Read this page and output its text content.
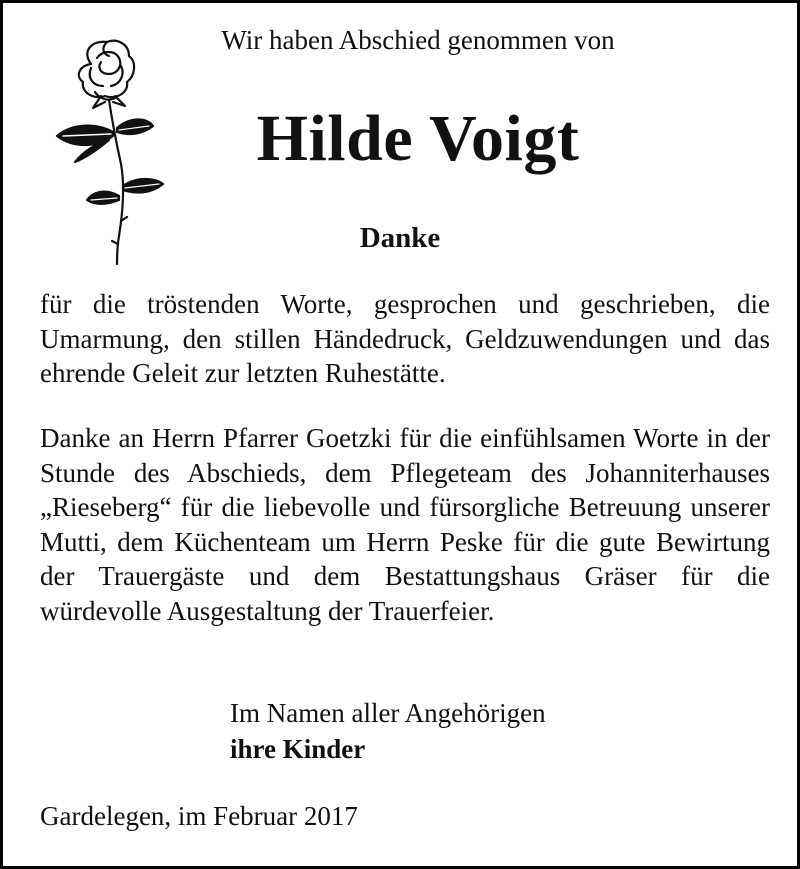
Wir haben Abschied genommen von
Hilde Voigt
Danke

für die tröstenden Worte, gesprochen und geschrieben, die Umarmung, den stillen Händedruck, Geldzuwendungen und das ehrende Geleit zur letzten Ruhestätte.

Danke an Herrn Pfarrer Goetzki für die einfühlsamen Worte in der Stunde des Abschieds, dem Pflegeteam des Johanniterhauses „Rieseberg“ für die liebevolle und fürsorgliche Betreuung unserer Mutti, dem Küchenteam um Herrn Peske für die gute Bewirtung der Trauergäste und dem Bestattungshaus Gräser für die würdevolle Ausgestaltung der Trauerfeier.

Im Namen aller Angehörigen
ihre Kinder
Gardelegen, im Februar 2017
